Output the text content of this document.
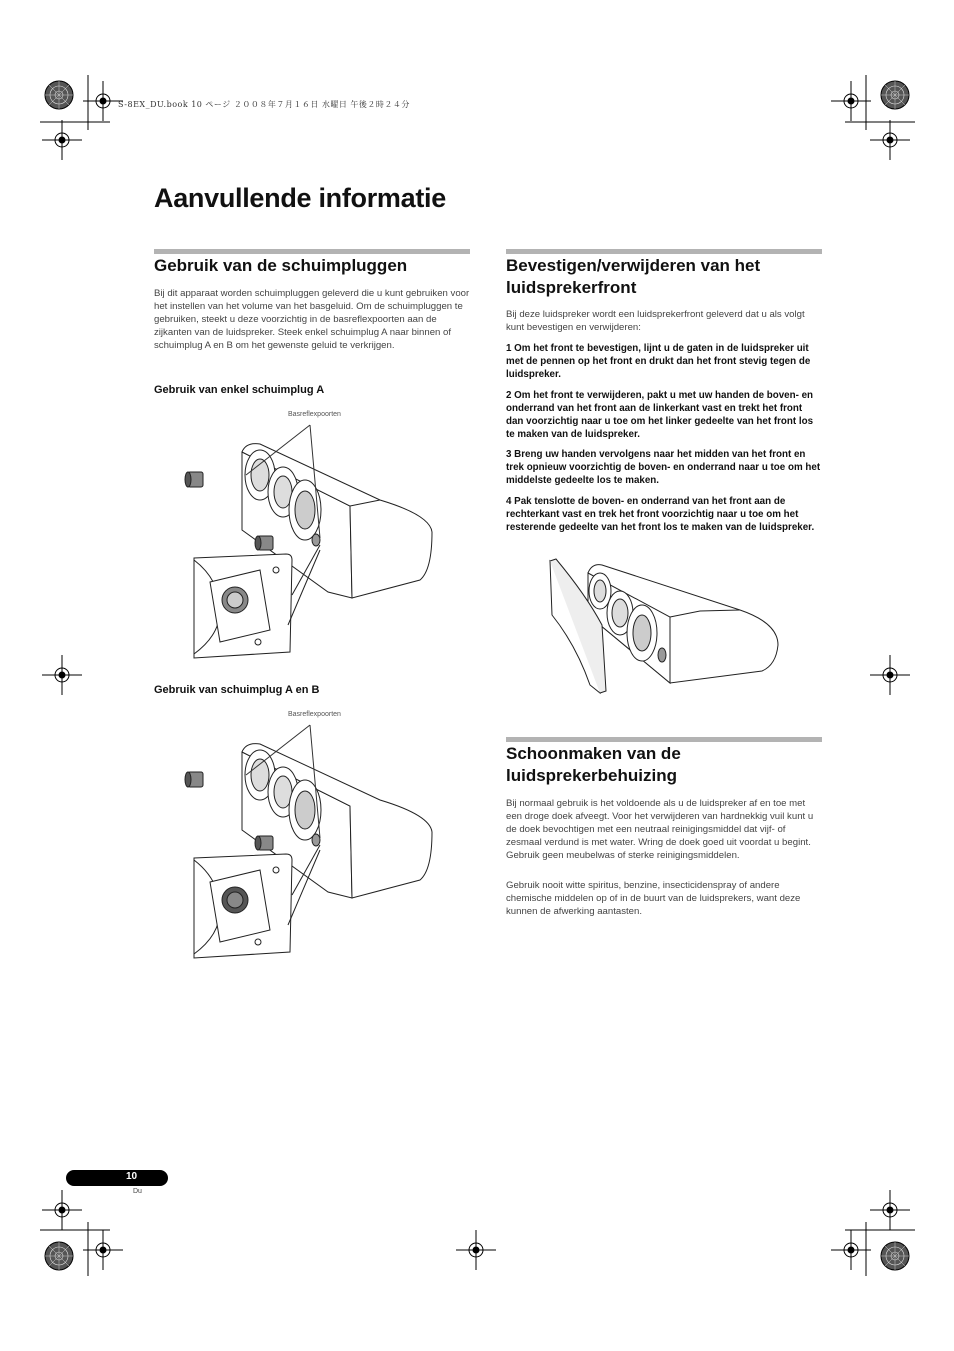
S-8EX_DU.book 10 ページ ２００８年７月１６日 水曜日 午後２時２４分
Aanvullende informatie
Gebruik van de schuimpluggen

Bij dit apparaat worden schuimpluggen geleverd die u kunt gebruiken voor het instellen van het volume van het basgeluid. Om de schuimpluggen te gebruiken, steekt u deze voorzichtig in de basreflexpoorten aan de zijkanten van de luidspreker. Steek enkel schuimplug A naar binnen of schuimplug A en B om het gewenste geluid te verkrijgen.

Gebruik van enkel schuimplug A
Basreflexpoorten
Gebruik van schuimplug A en B
Basreflexpoorten
Bevestigen/verwijderen van het luidsprekerfront

Bij deze luidspreker wordt een luidsprekerfront geleverd dat u als volgt kunt bevestigen en verwijderen:

1 Om het front te bevestigen, lijnt u de gaten in de luidspreker uit met de pennen op het front en drukt dan het front stevig tegen de luidspreker.

2 Om het front te verwijderen, pakt u met uw handen de boven- en onderrand van het front aan de linkerkant vast en trekt het front dan voorzichtig naar u toe om het linker gedeelte van het front los te maken van de luidspreker.

3 Breng uw handen vervolgens naar het midden van het front en trek opnieuw voorzichtig de boven- en onderrand naar u toe om het middelste gedeelte los te maken.

4 Pak tenslotte de boven- en onderrand van het front aan de rechterkant vast en trek het front voorzichtig naar u toe om het resterende gedeelte van het front los te maken van de luidspreker.

Schoonmaken van de luidsprekerbehuizing

Bij normaal gebruik is het voldoende als u de luidspreker af en toe met een droge doek afveegt. Voor het verwijderen van hardnekkig vuil kunt u de doek bevochtigen met een neutraal reinigingsmiddel dat vijf- of zesmaal verdund is met water. Wring de doek goed uit voordat u begint. Gebruik geen meubelwas of sterke reinigingsmiddelen.

Gebruik nooit witte spiritus, benzine, insecticidenspray of andere chemische middelen op of in de buurt van de luidsprekers, want deze kunnen de afwerking aantasten.

10
Du
